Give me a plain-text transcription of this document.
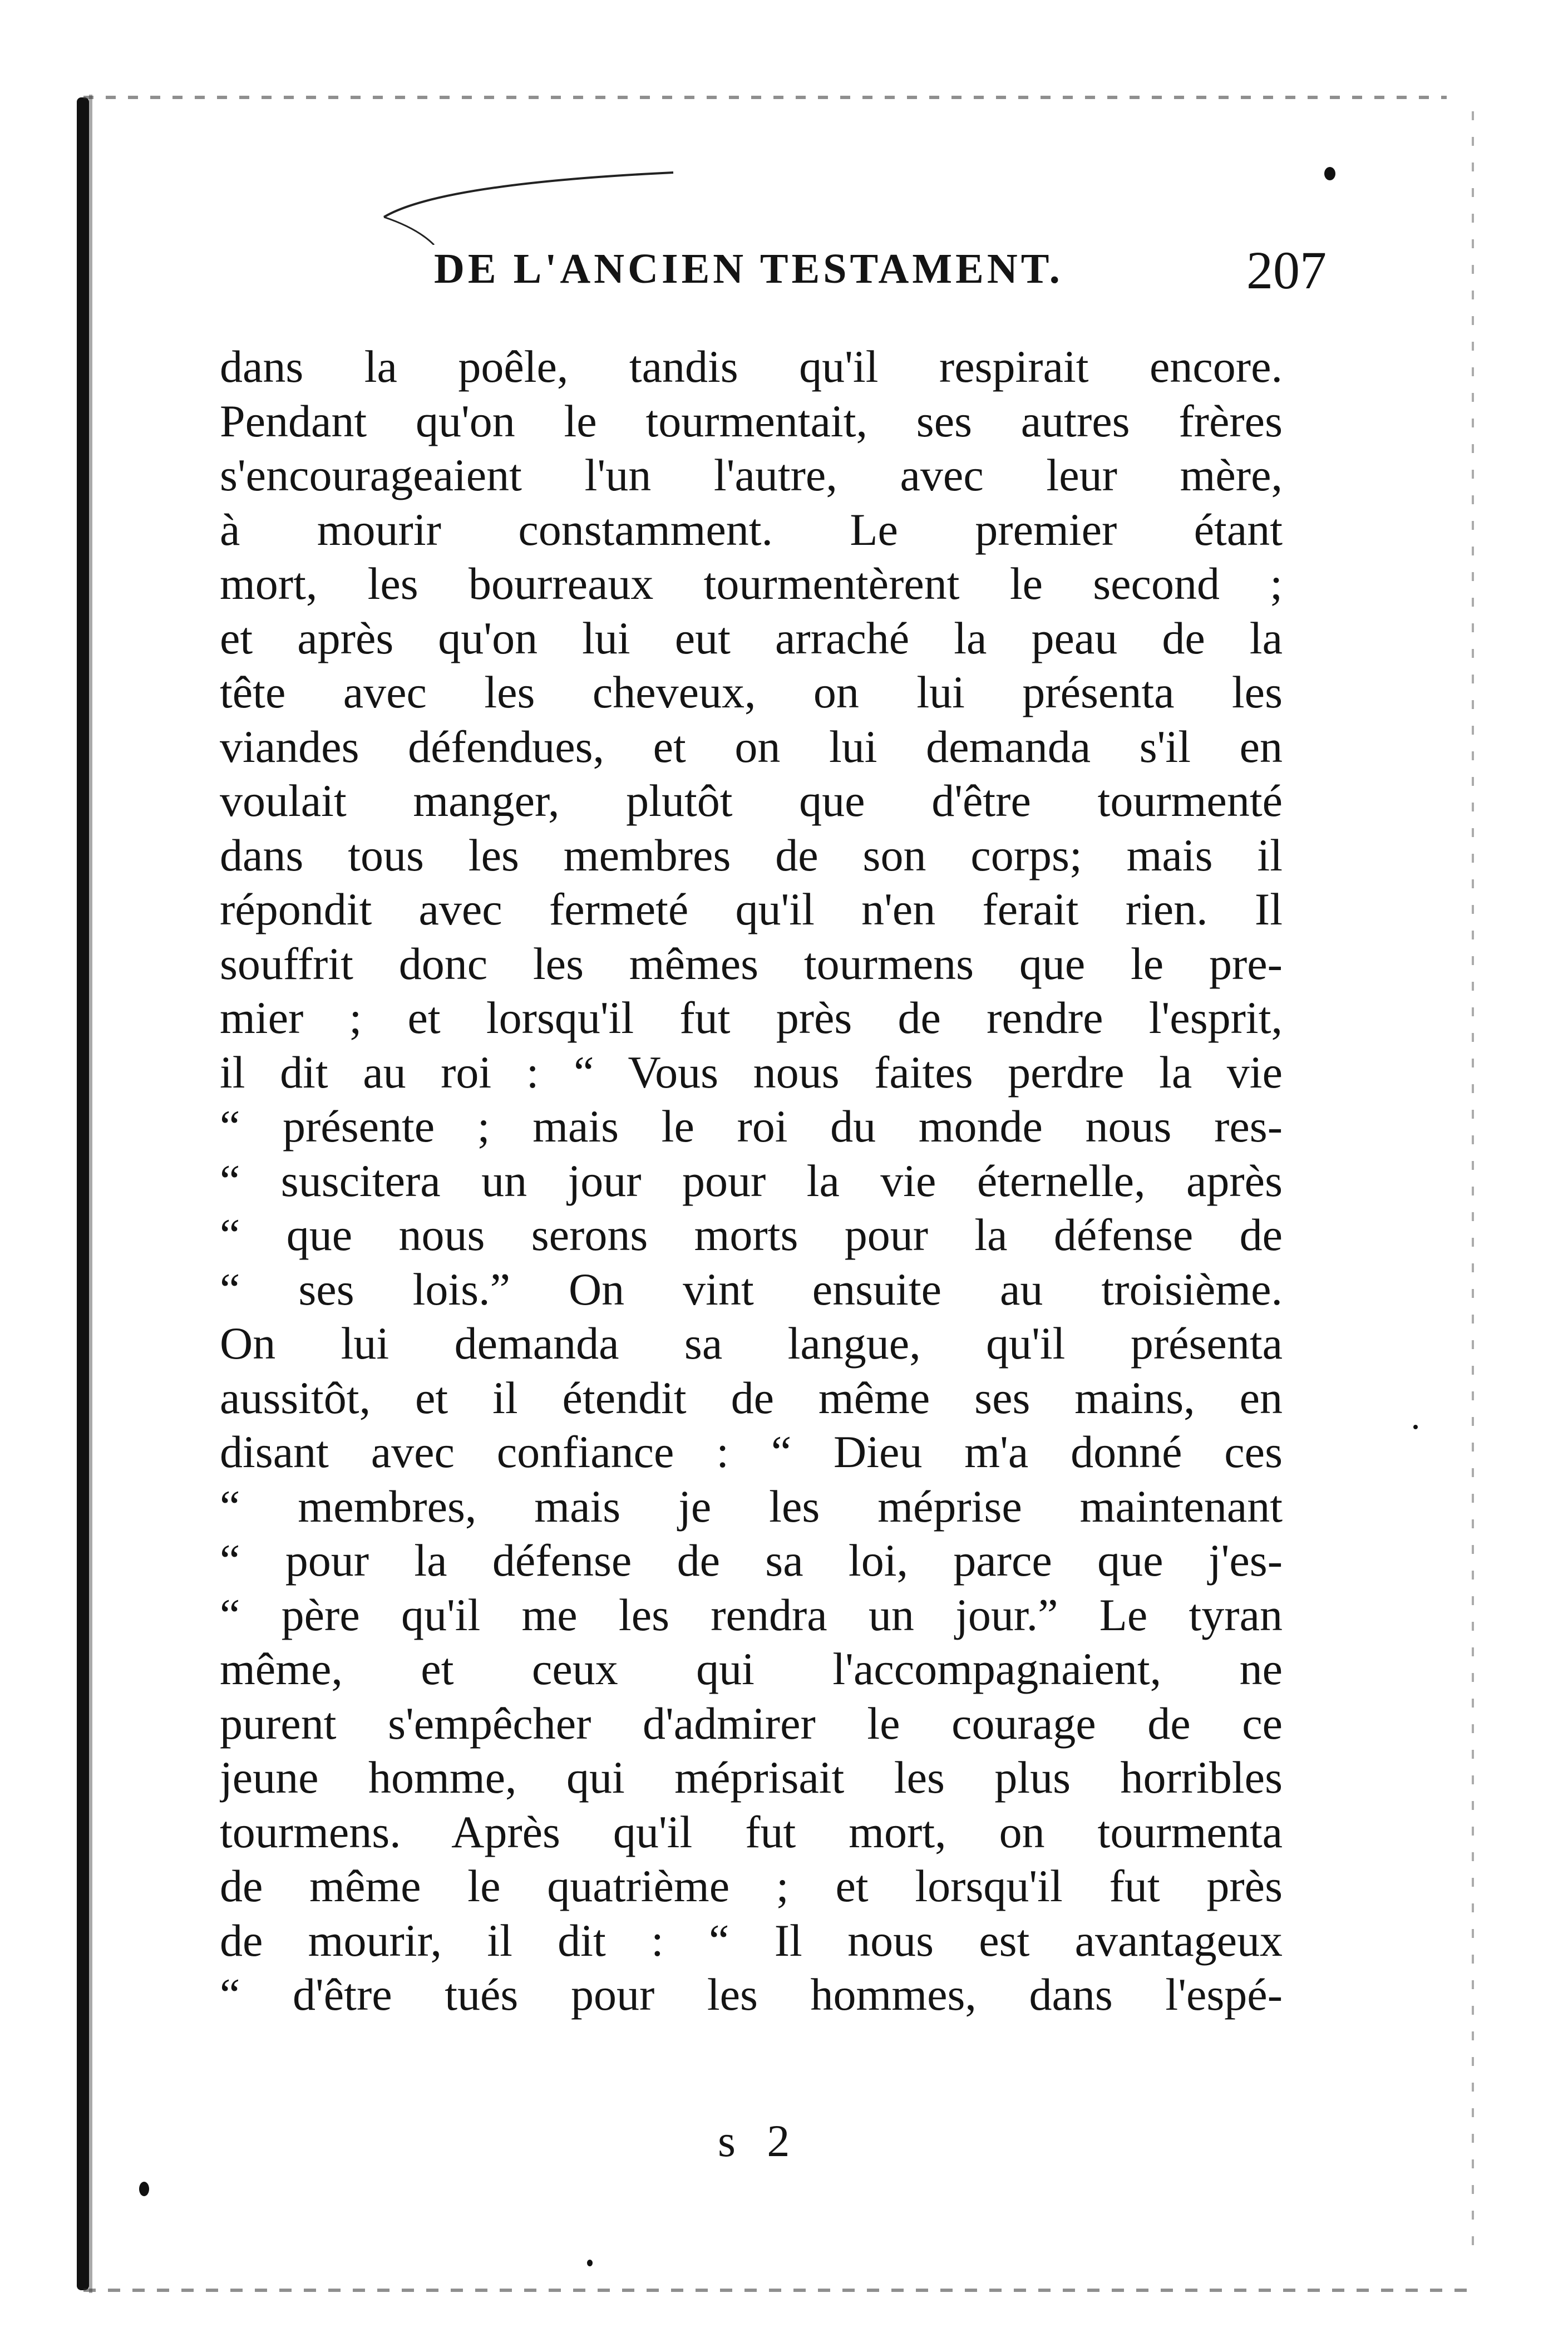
DE L'ANCIEN TESTAMENT.	207
dans la poêle, tandis qu'il respirait encore.
Pendant qu'on le tourmentait, ses autres frères
s'encourageaient l'un l'autre, avec leur mère,
à mourir constamment. Le premier étant
mort, les bourreaux tourmentèrent le second ;
et après qu'on lui eut arraché la peau de la
tête avec les cheveux, on lui présenta les
viandes défendues, et on lui demanda s'il en
voulait manger, plutôt que d'être tourmenté
dans tous les membres de son corps; mais il
répondit avec fermeté qu'il n'en ferait rien. Il
souffrit donc les mêmes tourmens que le pre-
mier ; et lorsqu'il fut près de rendre l'esprit,
il dit au roi : “ Vous nous faites perdre la vie
“ présente ; mais le roi du monde nous res-
“ suscitera un jour pour la vie éternelle, après
“ que nous serons morts pour la défense de
“ ses lois.” On vint ensuite au troisième.
On lui demanda sa langue, qu'il présenta
aussitôt, et il étendit de même ses mains, en
disant avec confiance : “ Dieu m'a donné ces
“ membres, mais je les méprise maintenant
“ pour la défense de sa loi, parce que j'es-
“ père qu'il me les rendra un jour.” Le tyran
même, et ceux qui l'accompagnaient, ne
purent s'empêcher d'admirer le courage de ce
jeune homme, qui méprisait les plus horribles
tourmens. Après qu'il fut mort, on tourmenta
de même le quatrième ; et lorsqu'il fut près
de mourir, il dit : “ Il nous est avantageux
“ d'être tués pour les hommes, dans l'espé-
s 2
